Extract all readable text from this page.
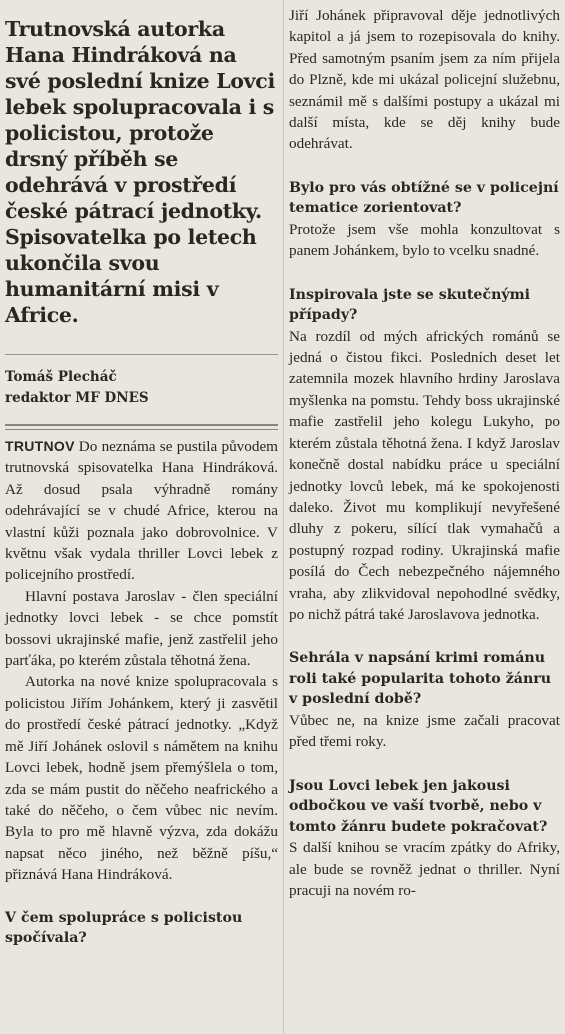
Trutnovská autorka Hana Hindráková na své poslední knize Lovci lebek spolupracovala i s policistou, protože drsný příběh se odehrává v prostředí české pátrací jednotky. Spisovatelka po letech ukončila svou humanitární misi v Africe.
Tomáš Plecháč
redaktor MF DNES

TRUTNOV Do neznáma se pustila původem trutnovská spisovatelka Hana Hindráková. Až dosud psala výhradně romány odehrávající se v chudé Africe, kterou na vlastní kůži poznala jako dobrovolnice. V květnu však vydala thriller Lovci lebek z policejního prostředí.

Hlavní postava Jaroslav - člen speciální jednotky lovci lebek - se chce pomstít bossovi ukrajinské mafie, jenž zastřelil jeho parťáka, po kterém zůstala těhotná žena.

Autorka na nové knize spolupracovala s policistou Jiřím Johánkem, který ji zasvětil do prostředí české pátrací jednotky. „Když mě Jiří Johánek oslovil s námětem na knihu Lovci lebek, hodně jsem přemýšlela o tom, zda se mám pustit do něčeho neafrického a také do něčeho, o čem vůbec nic nevím. Byla to pro mě hlavně výzva, zda dokážu napsat něco jiného, než běžně píšu,“ přiznává Hana Hindráková.

V čem spolupráce s policistou spočívala?

Jiří Johánek připravoval děje jednotlivých kapitol a já jsem to rozepisovala do knihy. Před samotným psaním jsem za ním přijela do Plzně, kde mi ukázal policejní služebnu, seznámil mě s dalšími postupy a ukázal mi další místa, kde se děj knihy bude odehrávat.

Bylo pro vás obtížné se v policejní tematice zorientovat?

Protože jsem vše mohla konzultovat s panem Johánkem, bylo to vcelku snadné.

Inspirovala jste se skutečnými případy?

Na rozdíl od mých afrických románů se jedná o čistou fikci. Posledních deset let zatemnila mozek hlavního hrdiny Jaroslava myšlenka na pomstu. Tehdy boss ukrajinské mafie zastřelil jeho kolegu Lukyho, po kterém zůstala těhotná žena. I když Jaroslav konečně dostal nabídku práce u speciální jednotky lovců lebek, má ke spokojenosti daleko. Život mu komplikují nevyřešené dluhy z pokeru, sílící tlak vymahačů a postupný rozpad rodiny. Ukrajinská mafie posílá do Čech nebezpečného nájemného vraha, aby zlikvidoval nepohodlné svědky, po nichž pátrá také Jaroslavova jednotka.

Sehrála v napsání krimi románu roli také popularita tohoto žánru v poslední době?

Vůbec ne, na knize jsme začali pracovat před třemi roky.

Jsou Lovci lebek jen jakousi odbočkou ve vaší tvorbě, nebo v tomto žánru budete pokračovat?

S další knihou se vracím zpátky do Afriky, ale bude se rovněž jednat o thriller. Nyní pracuji na novém ro-
